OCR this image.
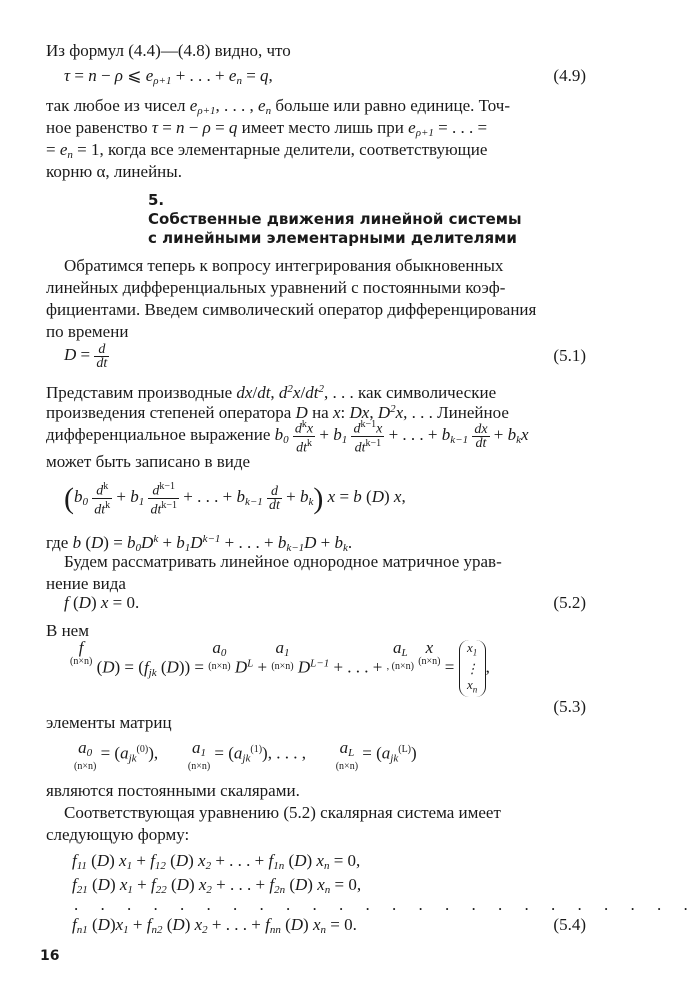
Из формул (4.4)—(4.8) видно, что
τ = n − ρ ⩽ eρ+1 + . . . + en = q,	(4.9)
так любое из чисел eρ+1, . . . , en больше или равно единице. Точ-
ное равенство τ = n − ρ = q имеет место лишь при eρ+1 = . . . =
= en = 1, когда все элементарные делители, соответствующие
корню α, линейны.
5.
Собственные движения линейной системы
с линейными элементарными делителями
Обратимся теперь к вопросу интегрирования обыкновенных
линейных дифференциальных уравнений с постоянными коэф-
фициентами. Введем символический оператор дифференцирования
по времени
$D = \frac{d}{dt}$	(5.1)
Представим производные dx/dt, $d^2x/dt^2$, . . . как символические
произведения степеней оператора D на x: Dx, $D^2x$, . . . Линейное
дифференциальное выражение $b0 \frac{d^kx}{dt^k} + b1 \frac{d^{k-1}x}{dt^{k-1}}$ + . . . + $bk-1 \frac{dx}{dt}$ + bkx
может быть записано в виде
($b0 \frac{d^k}{dt^k} + b1 \frac{d^{k-1}}{dt^{k-1}}$ + . . . + $bk-1 \frac{d}{dt} + bk$) x = b (D) x,
где b $(D) = b0D^k + b1D^{k-1}$ + . . . + bk−1D + bk.
Будем рассматривать линейное однородное матричное урав-
нение вида
f (D) x = 0.	(5.2)
В нем
f
(n×n) (D) = (fjk (D)) = a0
(n×n) $D^L + a1$
(n×n) $D^{L-1}$ + . . . + aL
, (n×n)
x
$(n\times n) = x_1$
⋮
$x_n$,
(5.3)
элементы матриц
a0
(n×n)
= (ajk$^{(0)}$),       a1
(n×n)
= (ajk$^{(1)}$), . . . ,       aL
(n×n)
= (ajk$^{(L)}$)
являются постоянными скалярами.
Соответствующая уравнению (5.2) скалярная система имеет
следующую форму:
f11 (D) x1 + f12 (D) x2 + . . . + f1n (D) xn = 0,
f21 (D) x1 + f22 (D) x2 + . . . + f2n (D) xn = 0,
. . . . . . . . . . . . . . . . . . . . . . . .
fn1 (D)x1 + fn2 (D) x2 + . . . + fnn (D) xn = 0.	(5.4)
16
